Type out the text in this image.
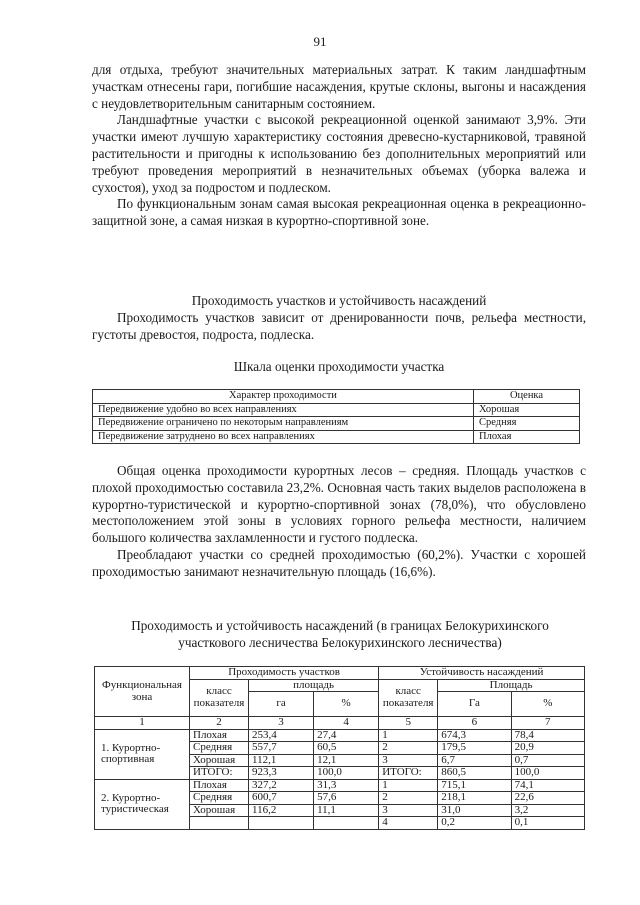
91

для отдыха, требуют значительных материальных затрат. К таким ландшафтным участкам отнесены гари, погибшие насаждения, крутые склоны, выгоны и насаждения с неудовлетворительным санитарным состоянием.

Ландшафтные участки с высокой рекреационной оценкой занимают 3,9%. Эти участки имеют лучшую характеристику состояния древесно-кустарниковой, травяной растительности и пригодны к использованию без дополнительных мероприятий или требуют проведения мероприятий в незначительных объемах (уборка валежа и сухостоя), уход за подростом и подлеском.

По функциональным зонам самая высокая рекреационная оценка в рекреационно-защитной зоне, а самая низкая в курортно-спортивной зоне.

Проходимость участков и устойчивость насаждений

Проходимость участков зависит от дренированности почв, рельефа местности, густоты древостоя, подроста, подлеска.

Шкала оценки проходимости участка
Характер проходимости	Оценка
Передвижение удобно во всех направлениях	Хорошая
Передвижение ограничено по некоторым направлениям	Средняя
Передвижение затруднено во всех направлениях	Плохая

Общая оценка проходимости курортных лесов – средняя. Площадь участков с плохой проходимостью составила 23,2%. Основная часть таких выделов расположена в курортно-туристической и курортно-спортивной зонах (78,0%), что обусловлено местоположением этой зоны в условиях горного рельефа местности, наличием большого количества захламленности и густого подлеска.

Преобладают участки со средней проходимостью (60,2%). Участки с хорошей проходимостью занимают незначительную площадь (16,6%).

Проходимость и устойчивость насаждений (в границах Белокурихинского участкового лесничества Белокурихинского лесничества)
Функциональная зона	Проходимость участков			Устойчивость насаждений		
	класс показателя	площадь		класс показателя	Площадь	
		га	%		Га	%
1	2	3	4	5	6	7
1. Курортно-спортивная	Плохая	253,4	27,4	1	674,3	78,4
	Средняя	557,7	60,5	2	179,5	20,9
	Хорошая	112,1	12,1	3	6,7	0,7
	ИТОГО:	923,3	100,0	ИТОГО:	860,5	100,0
2. Курортно-туристическая	Плохая	327,2	31,3	1	715,1	74,1
	Средняя	600,7	57,6	2	218,1	22,6
	Хорошая	116,2	11,1	3	31,0	3,2
				4	0,2	0,1
